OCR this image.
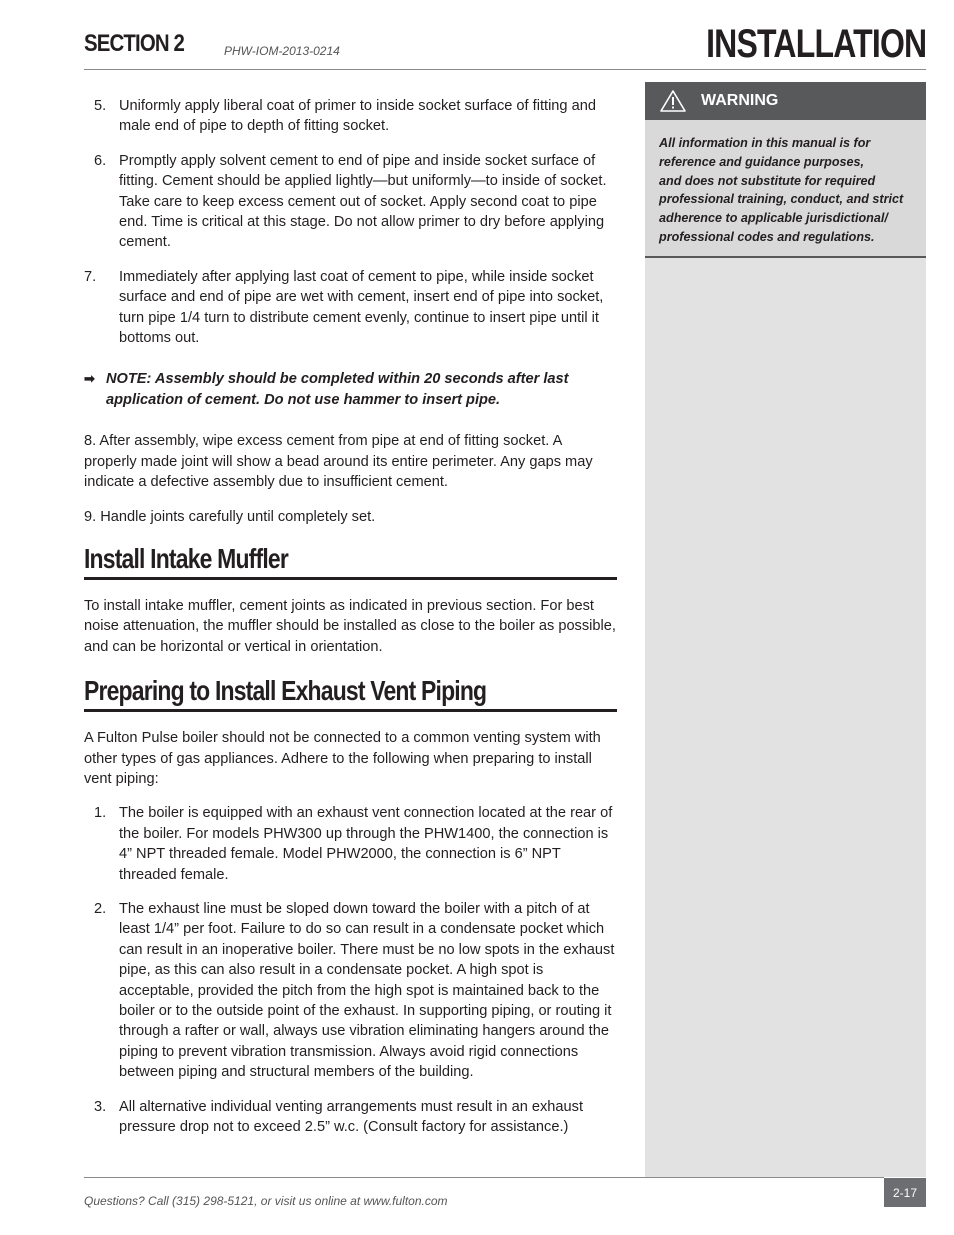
SECTION 2	PHW-IOM-2013-0214	INSTALLATION

5. Uniformly apply liberal coat of primer to inside socket surface of fitting and male end of pipe to depth of fitting socket.

6. Promptly apply solvent cement to end of pipe and inside socket surface of fitting. Cement should be applied lightly—but uniformly—to inside of socket. Take care to keep excess cement out of socket. Apply second coat to pipe end. Time is critical at this stage. Do not allow primer to dry before applying cement.

7. Immediately after applying last coat of cement to pipe, while inside socket surface and end of pipe are wet with cement, insert end of pipe into socket, turn pipe 1/4 turn to distribute cement evenly, continue to insert pipe until it bottoms out.

➡ NOTE: Assembly should be completed within 20 seconds after last application of cement. Do not use hammer to insert pipe.

8. After assembly, wipe excess cement from pipe at end of fitting socket. A properly made joint will show a bead around its entire perimeter. Any gaps may indicate a defective assembly due to insufficient cement.

9. Handle joints carefully until completely set.

Install Intake Muffler

To install intake muffler, cement joints as indicated in previous section. For best noise attenuation, the muffler should be installed as close to the boiler as possible, and can be horizontal or vertical in orientation.

Preparing to Install Exhaust Vent Piping

A Fulton Pulse boiler should not be connected to a common venting system with other types of gas appliances. Adhere to the following when preparing to install vent piping:

1. The boiler is equipped with an exhaust vent connection located at the rear of the boiler. For models PHW300 up through the PHW1400, the connection is 4” NPT threaded female. Model PHW2000, the connection is 6” NPT threaded female.

2. The exhaust line must be sloped down toward the boiler with a pitch of at least 1/4” per foot. Failure to do so can result in a condensate pocket which can result in an inoperative boiler. There must be no low spots in the exhaust pipe, as this can also result in a condensate pocket. A high spot is acceptable, provided the pitch from the high spot is maintained back to the boiler or to the outside point of the exhaust. In supporting piping, or routing it through a rafter or wall, always use vibration eliminating hangers around the piping to prevent vibration transmission. Always avoid rigid connections between piping and structural members of the building.

3. All alternative individual venting arrangements must result in an exhaust pressure drop not to exceed 2.5” w.c. (Consult factory for assistance.)

WARNING
All information in this manual is for
reference and guidance purposes,
and does not substitute for required
professional training, conduct, and strict
adherence to applicable jurisdictional/
professional codes and regulations.
Questions? Call (315) 298-5121, or visit us online at www.fulton.com
2-17
